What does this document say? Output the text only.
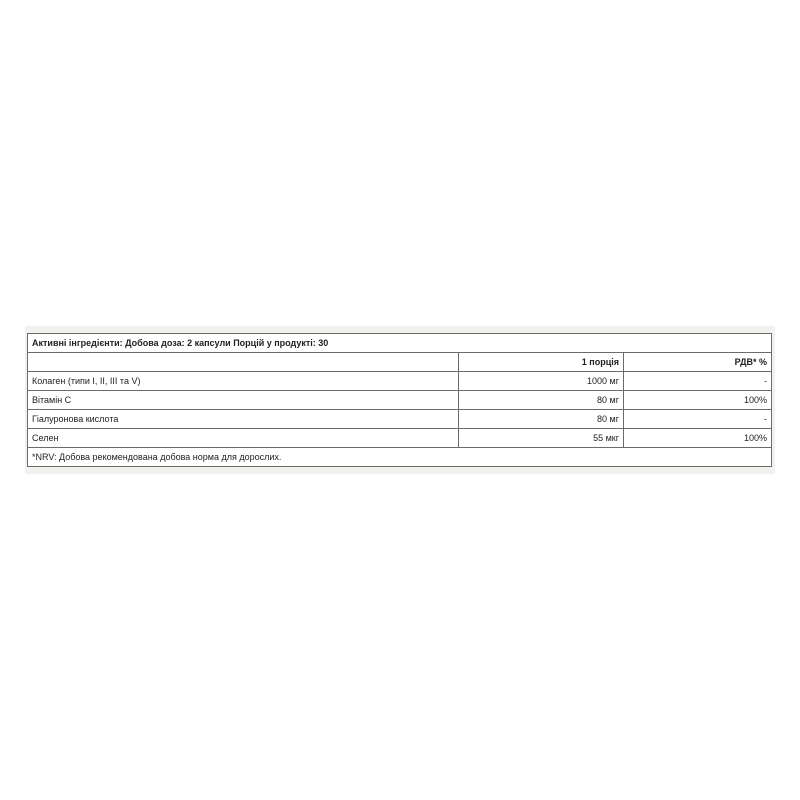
Активні інгредієнти: Добова доза: 2 капсули Порцій у продукті: 30		
	1 порція	РДВ* %
Колаген (типи I, II, III та V)	1000 мг	-
Вітамін С	80 мг	100%
Гіалуронова кислота	80 мг	-
Селен	55 мкг	100%
*NRV: Добова рекомендована добова норма для дорослих.		
